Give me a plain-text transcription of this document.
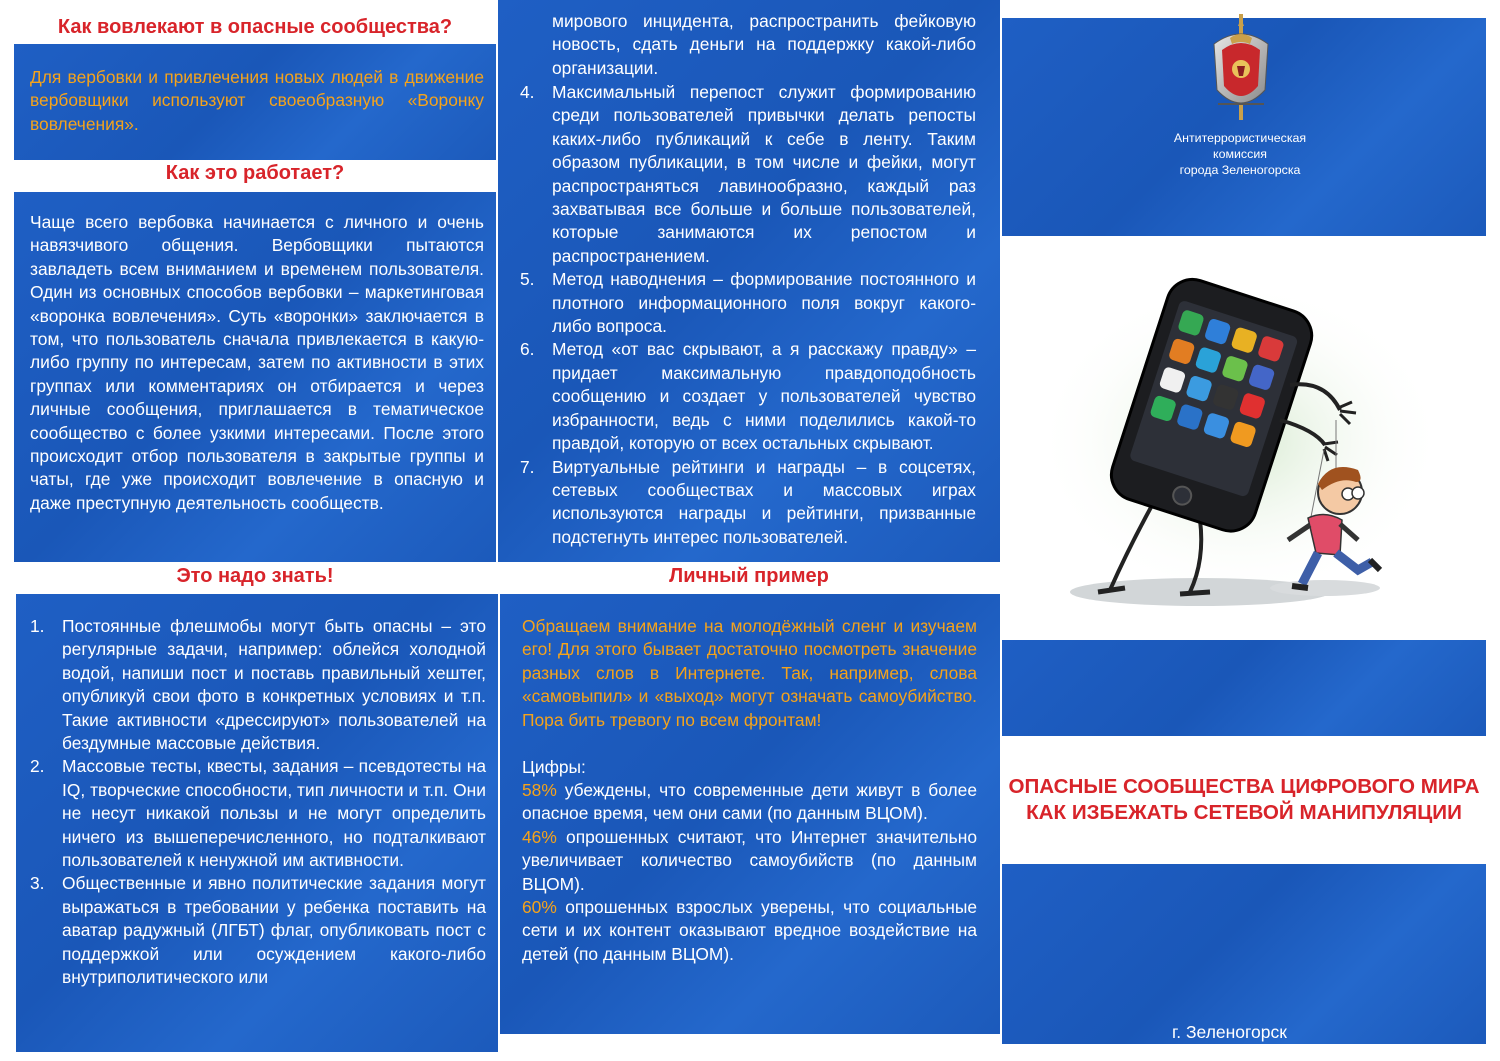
Как вовлекают в опасные сообщества?
Для вербовки и привлечения новых людей в движение вербовщики используют своеобразную «Воронку вовлечения».
Как это работает?
Чаще всего вербовка начинается с личного и очень навязчивого общения. Вербовщики пытаются завладеть всем вниманием и временем пользователя. Один из основных способов вербовки – маркетинговая «воронка вовлечения». Суть «воронки» заключается в том, что пользователь сначала привлекается в какую-либо группу по интересам, затем по активности в этих группах или комментариях он отбирается и через личные сообщения, приглашается в тематическое сообщество с более узкими интересами. После этого происходит отбор пользователя в закрытые группы и чаты, где уже происходит вовлечение в опасную и даже преступную деятельность сообществ.
Это надо знать!
1. Постоянные флешмобы могут быть опасны – это регулярные задачи, например: облейся холодной водой, напиши пост и поставь правильный хештег, опубликуй свои фото в конкретных условиях и т.п. Такие активности «дрессируют» пользователей на бездумные массовые действия.
2. Массовые тесты, квесты, задания – псевдотесты на IQ, творческие способности, тип личности и т.п. Они не несут никакой пользы и не могут определить ничего из вышеперечисленного, но подталкивают пользователей к ненужной им активности.
3. Общественные и явно политические задания могут выражаться в требовании у ребенка поставить на аватар радужный (ЛГБТ) флаг, опубликовать пост с поддержкой или осуждением какого-либо внутриполитического или
мирового инцидента, распространить фейковую новость, сдать деньги на поддержку какой-либо организации.
4. Максимальный перепост служит формированию среди пользователей привычки делать репосты каких-либо публикаций к себе в ленту. Таким образом публикации, в том числе и фейки, могут распространяться лавинообразно, каждый раз захватывая все больше и больше пользователей, которые занимаются их репостом и распространением.
5. Метод наводнения – формирование постоянного и плотного информационного поля вокруг какого-либо вопроса.
6. Метод «от вас скрывают, а я расскажу правду» – придает максимальную правдоподобность сообщению и создает у пользователей чувство избранности, ведь с ними поделились какой-то правдой, которую от всех остальных скрывают.
7. Виртуальные рейтинги и награды – в соцсетях, сетевых сообществах и массовых играх используются награды и рейтинги, призванные подстегнуть интерес пользователей.
Личный пример
Обращаем внимание на молодёжный сленг и изучаем его! Для этого бывает достаточно посмотреть значение разных слов в Интернете. Так, например, слова «самовыпил» и «выход» могут означать самоубийство. Пора бить тревогу по всем фронтам!
Цифры:
58% убеждены, что современные дети живут в более опасное время, чем они сами (по данным ВЦОМ).
46% опрошенных считают, что Интернет значительно увеличивает количество самоубийств (по данным ВЦОМ).
60% опрошенных взрослых уверены, что социальные сети и их контент оказывают вредное воздействие на детей (по данным ВЦОМ).
Антитеррористическая
комиссия
города Зеленогорска
ОПАСНЫЕ СООБЩЕСТВА ЦИФРОВОГО МИРА
КАК ИЗБЕЖАТЬ СЕТЕВОЙ МАНИПУЛЯЦИИ
г. Зеленогорск
